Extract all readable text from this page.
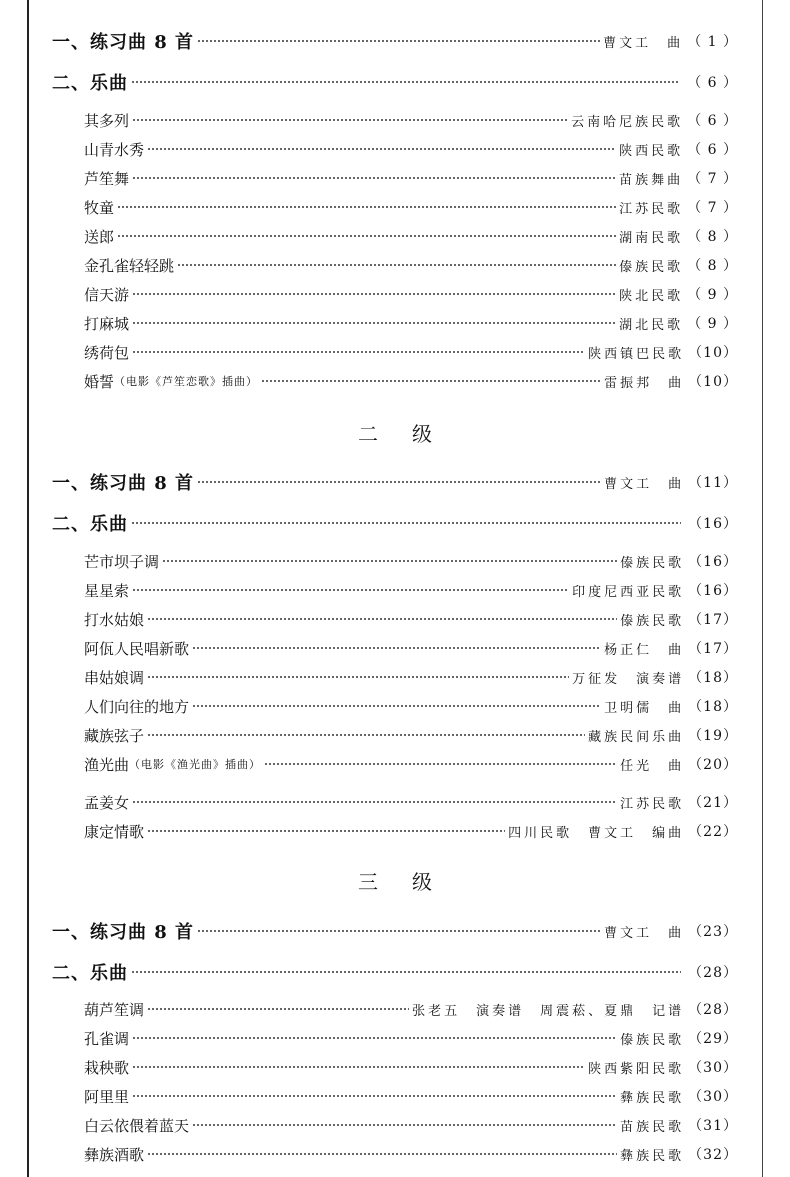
一、练习曲 8 首	曹文工　曲 （ 1 ）
二、乐曲	（ 6 ）
其多列	云南哈尼族民歌 （ 6 ）
山青水秀	陕西民歌 （ 6 ）
芦笙舞	苗族舞曲 （ 7 ）
牧童	江苏民歌 （ 7 ）
送郎	湖南民歌 （ 8 ）
金孔雀轻轻跳	傣族民歌 （ 8 ）
信天游	陕北民歌 （ 9 ）
打麻城	湖北民歌 （ 9 ）
绣荷包	陕西镇巴民歌 （10）
婚誓 （电影《芦笙恋歌》插曲）	雷振邦　曲 （10）
二级
一、练习曲 8 首	曹文工　曲 （11）
二、乐曲	（16）
芒市坝子调	傣族民歌 （16）
星星索	印度尼西亚民歌 （16）
打水姑娘	傣族民歌 （17）
阿佤人民唱新歌	杨正仁　曲 （17）
串姑娘调	万征发　演奏谱 （18）
人们向往的地方	卫明儒　曲 （18）
藏族弦子	藏族民间乐曲 （19）
渔光曲 （电影《渔光曲》插曲）	任光　曲 （20）
孟姜女	江苏民歌 （21）
康定情歌	四川民歌　曹文工　编曲 （22）
三级
一、练习曲 8 首	曹文工　曲 （23）
二、乐曲	（28）
葫芦笙调	张老五　演奏谱　周震菘、夏鼎　记谱 （28）
孔雀调	傣族民歌 （29）
栽秧歌	陕西紫阳民歌 （30）
阿里里	彝族民歌 （30）
白云依偎着蓝天	苗族民歌 （31）
彝族酒歌	彝族民歌 （32）
